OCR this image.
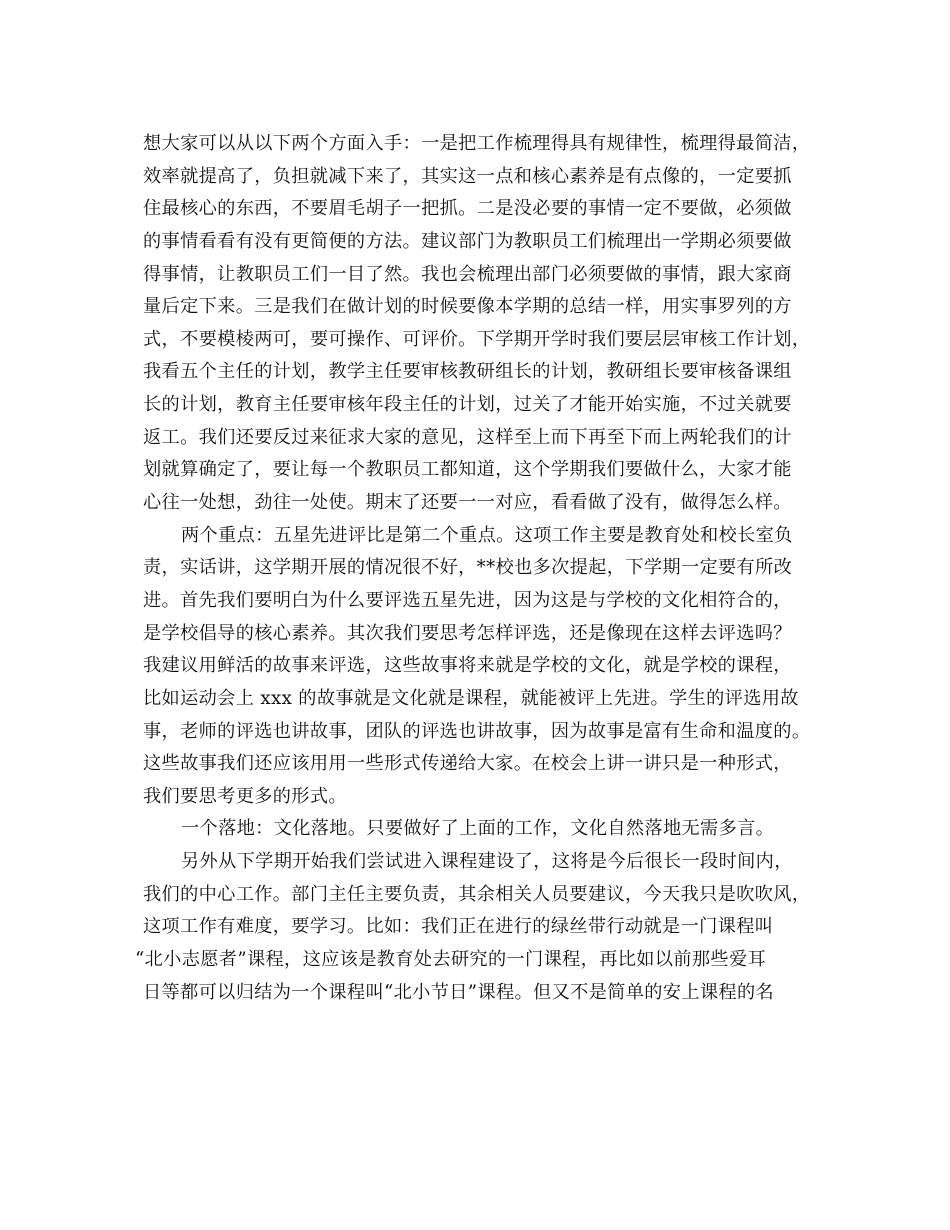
想大家可以从以下两个方面入手：一是把工作梳理得具有规律性，梳理得最简洁，
效率就提高了，负担就减下来了，其实这一点和核心素养是有点像的，一定要抓
住最核心的东西，不要眉毛胡子一把抓。二是没必要的事情一定不要做，必须做
的事情看看有没有更简便的方法。建议部门为教职员工们梳理出一学期必须要做
得事情，让教职员工们一目了然。我也会梳理出部门必须要做的事情，跟大家商
量后定下来。三是我们在做计划的时候要像本学期的总结一样，用实事罗列的方
式，不要模棱两可，要可操作、可评价。下学期开学时我们要层层审核工作计划，
我看五个主任的计划，教学主任要审核教研组长的计划，教研组长要审核备课组
长的计划，教育主任要审核年段主任的计划，过关了才能开始实施，不过关就要
返工。我们还要反过来征求大家的意见，这样至上而下再至下而上两轮我们的计
划就算确定了，要让每一个教职员工都知道，这个学期我们要做什么，大家才能
心往一处想，劲往一处使。期末了还要一一对应，看看做了没有，做得怎么样。
两个重点：五星先进评比是第二个重点。这项工作主要是教育处和校长室负
责，实话讲，这学期开展的情况很不好，**校也多次提起，下学期一定要有所改
进。首先我们要明白为什么要评选五星先进，因为这是与学校的文化相符合的，
是学校倡导的核心素养。其次我们要思考怎样评选，还是像现在这样去评选吗？
我建议用鲜活的故事来评选，这些故事将来就是学校的文化，就是学校的课程，
比如运动会上 xxx 的故事就是文化就是课程，就能被评上先进。学生的评选用故
事，老师的评选也讲故事，团队的评选也讲故事，因为故事是富有生命和温度的。
这些故事我们还应该用用一些形式传递给大家。在校会上讲一讲只是一种形式，
我们要思考更多的形式。
一个落地：文化落地。只要做好了上面的工作，文化自然落地无需多言。
另外从下学期开始我们尝试进入课程建设了，这将是今后很长一段时间内，
我们的中心工作。部门主任主要负责，其余相关人员要建议，今天我只是吹吹风，
这项工作有难度，要学习。比如：我们正在进行的绿丝带行动就是一门课程叫
“北小志愿者”课程，这应该是教育处去研究的一门课程，再比如以前那些爱耳
日等都可以归结为一个课程叫“北小节日”课程。但又不是简单的安上课程的名
